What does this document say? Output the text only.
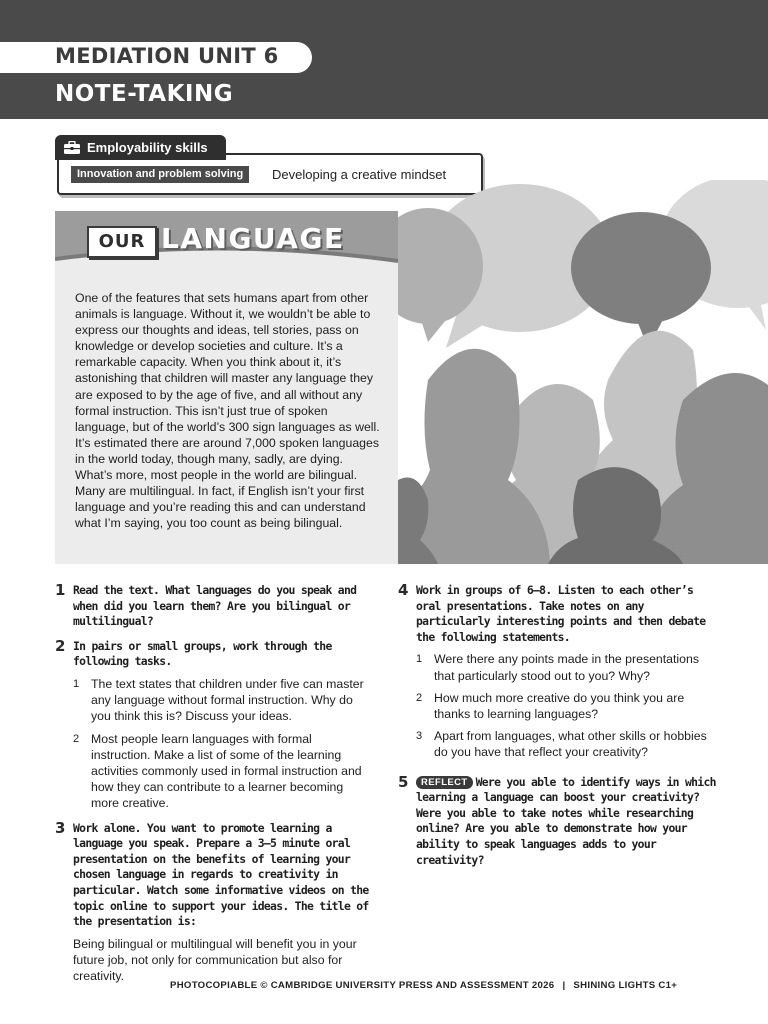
MEDIATION UNIT 6
NOTE-TAKING
Innovation and problem solving	Developing a creative mindset
Employability skills
OUR LANGUAGE

One of the features that sets humans apart from other animals is language. Without it, we wouldn’t be able to express our thoughts and ideas, tell stories, pass on knowledge or develop societies and culture. It’s a remarkable capacity. When you think about it, it’s astonishing that children will master any language they are exposed to by the age of five, and all without any formal instruction. This isn’t just true of spoken language, but of the world’s 300 sign languages as well. It’s estimated there are around 7,000 spoken languages in the world today, though many, sadly, are dying. What’s more, most people in the world are bilingual. Many are multilingual. In fact, if English isn’t your first language and you’re reading this and can understand what I’m saying, you too count as being bilingual.

1 Read the text. What languages do you speak and when did you learn them? Are you bilingual or multilingual?

2 In pairs or small groups, work through the following tasks.

1 The text states that children under five can master any language without formal instruction. Why do you think this is? Discuss your ideas.

2 Most people learn languages with formal instruction. Make a list of some of the learning activities commonly used in formal instruction and how they can contribute to a learner becoming more creative.

3 Work alone. You want to promote learning a language you speak. Prepare a 3–5 minute oral presentation on the benefits of learning your chosen language in regards to creativity in particular. Watch some informative videos on the topic online to support your ideas. The title of the presentation is:

Being bilingual or multilingual will benefit you in your future job, not only for communication but also for creativity.

4 Work in groups of 6–8. Listen to each other’s oral presentations. Take notes on any particularly interesting points and then debate the following statements.

1 Were there any points made in the presentations that particularly stood out to you? Why?

2 How much more creative do you think you are thanks to learning languages?

3 Apart from languages, what other skills or hobbies do you have that reflect your creativity?

5	REFLECT Were you able to identify ways in which learning a language can boost your creativity? Were you able to take notes while researching online? Are you able to demonstrate how your ability to speak languages adds to your creativity?

PHOTOCOPIABLE © CAMBRIDGE UNIVERSITY PRESS AND ASSESSMENT 2026 | SHINING LIGHTS C1+
